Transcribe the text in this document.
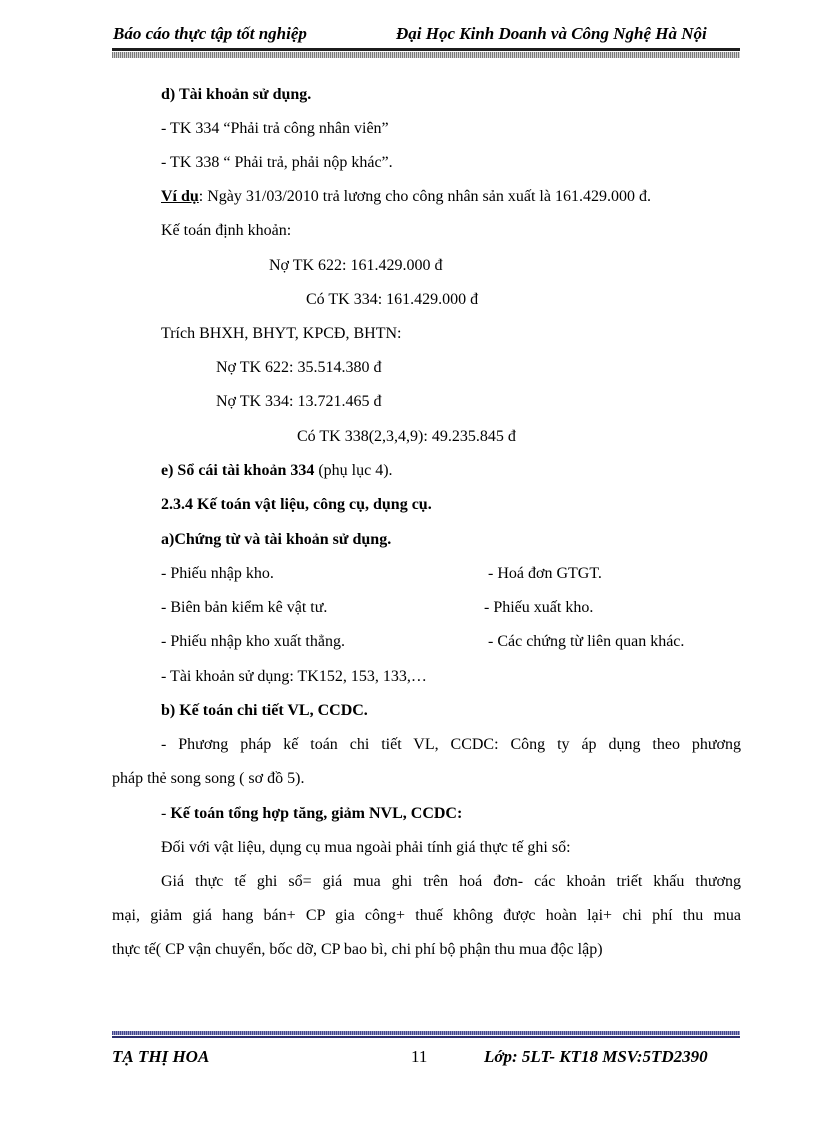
Báo cáo thực tập tốt nghiệp	Đại Học Kinh Doanh và Công Nghệ Hà Nội
d) Tài khoản sử dụng.
- TK 334 “Phải trả công nhân viên”
- TK 338 “ Phải trả, phải nộp khác”.
Ví dụ: Ngày 31/03/2010 trả lương cho công nhân sản xuất là 161.429.000 đ.
Kế toán định khoản:
Nợ TK 622: 161.429.000 đ
Có TK 334: 161.429.000 đ
Trích BHXH, BHYT, KPCĐ, BHTN:
Nợ TK 622: 35.514.380 đ
Nợ TK 334: 13.721.465 đ
Có TK 338(2,3,4,9): 49.235.845 đ
e) Sổ cái tài khoản 334 (phụ lục 4).
2.3.4 Kế toán vật liệu, công cụ, dụng cụ.
a)Chứng từ và tài khoản sử dụng.
- Phiếu nhập kho.	- Hoá đơn GTGT.
- Biên bản kiểm kê vật tư.	- Phiếu xuất kho.
- Phiếu nhập kho xuất thẳng.	- Các chứng từ liên quan khác.
- Tài khoản sử dụng: TK152, 153, 133,…
b) Kế toán chi tiết VL, CCDC.
- Phương pháp kế toán chi tiết VL, CCDC: Công ty áp dụng theo phương
pháp thẻ song song ( sơ đồ 5).
- Kế toán tổng hợp tăng, giảm NVL, CCDC:
Đối với vật liệu, dụng cụ mua ngoài phải tính giá thực tế ghi sổ:
Giá thực tế ghi sổ= giá mua ghi trên hoá đơn- các khoản triết khấu thương
mại, giảm giá hang bán+ CP gia công+ thuế không được hoàn lại+ chi phí thu mua
thực tế( CP vận chuyển, bốc dỡ, CP bao bì, chi phí bộ phận thu mua độc lập)
TẠ THỊ HOA	11	Lớp: 5LT- KT18 MSV:5TD2390
